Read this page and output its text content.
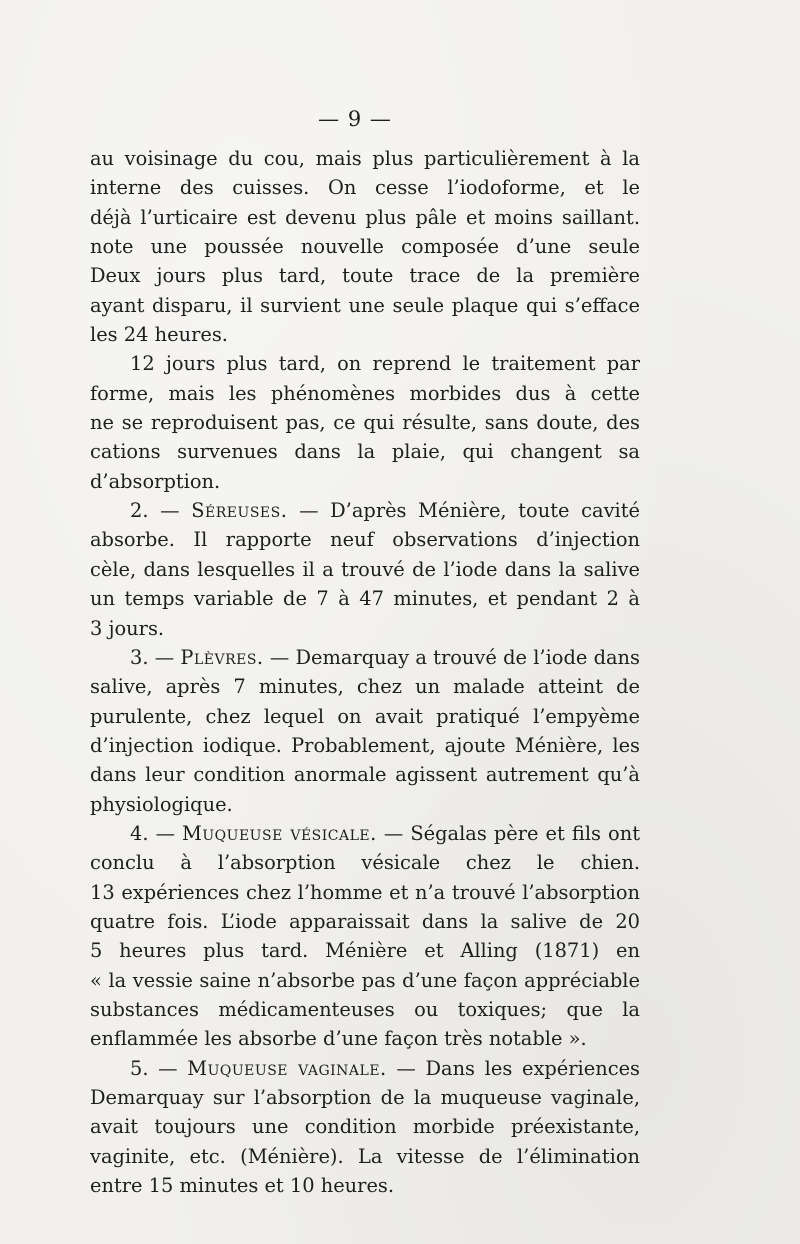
— 9 —
au voisinage du cou, mais plus particulièrement à la
interne des cuisses. On cesse l’iodoforme, et le
déjà l’urticaire est devenu plus pâle et moins saillant.
note une poussée nouvelle composée d’une seule
Deux jours plus tard, toute trace de la première
ayant disparu, il survient une seule plaque qui s’efface
les 24 heures.
12 jours plus tard, on reprend le traitement par
forme, mais les phénomènes morbides dus à cette
ne se reproduisent pas, ce qui résulte, sans doute, des
cations survenues dans la plaie, qui changent sa
d’absorption.
2. — Séreuses. — D’après Ménière, toute cavité
absorbe. Il rapporte neuf observations d’injection
cèle, dans lesquelles il a trouvé de l’iode dans la salive
un temps variable de 7 à 47 minutes, et pendant 2 à
3 jours.
3. — Plèvres. — Demarquay a trouvé de l’iode dans
salive, après 7 minutes, chez un malade atteint de
purulente, chez lequel on avait pratiqué l’empyème
d’injection iodique. Probablement, ajoute Ménière, les
dans leur condition anormale agissent autrement qu’à
physiologique.
4. — Muqueuse vésicale. — Ségalas père et fils ont
conclu à l’absorption vésicale chez le chien.
13 expériences chez l’homme et n’a trouvé l’absorption
quatre fois. L’iode apparaissait dans la salive de 20
5 heures plus tard. Ménière et Alling (1871) en
« la vessie saine n’absorbe pas d’une façon appréciable
substances médicamenteuses ou toxiques; que la
enflammée les absorbe d’une façon très notable ».
5. — Muqueuse vaginale. — Dans les expériences
Demarquay sur l’absorption de la muqueuse vaginale,
avait toujours une condition morbide préexistante,
vaginite, etc. (Ménière). La vitesse de l’élimination
entre 15 minutes et 10 heures.
